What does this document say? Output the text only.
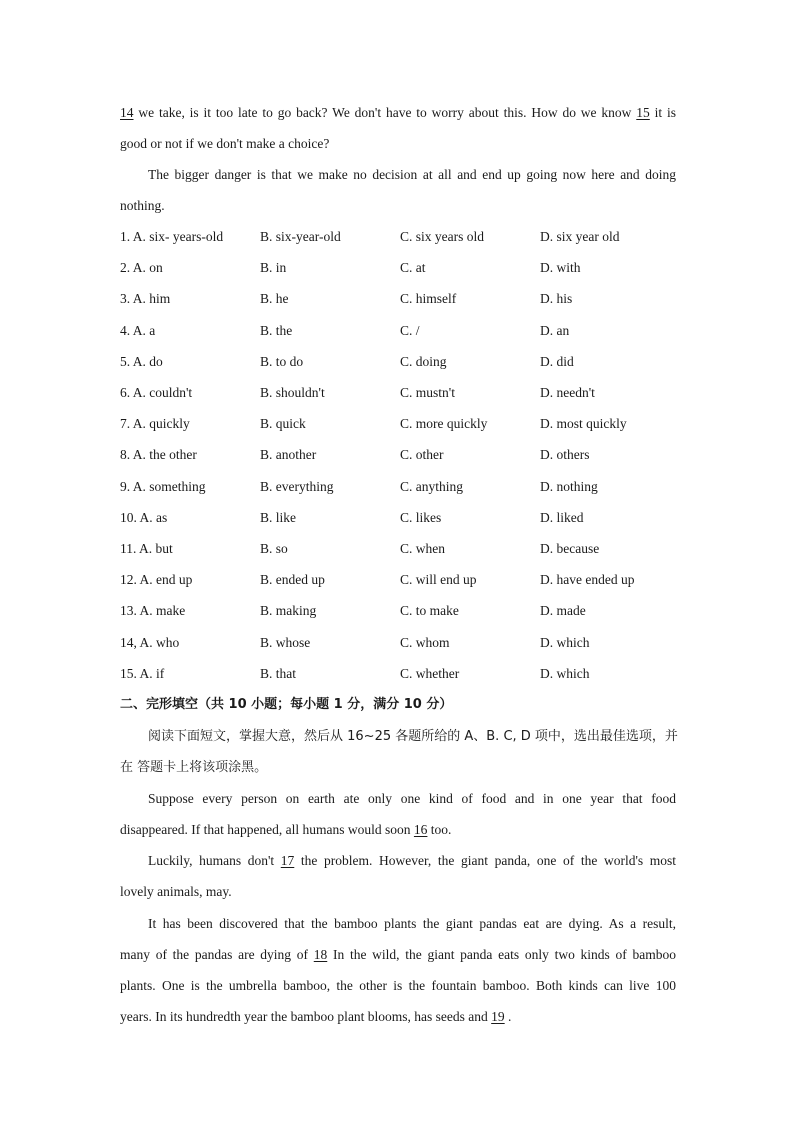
14 we take, is it too late to go back? We don't have to worry about this. How do we know 15 it is
good or not if we don't make a choice?
The bigger danger is that we make no decision at all and end up going now here and doing
nothing.
1. A. six- years-old	B. six-year-old	C. six years old	D. six year old
2. A. on	B. in	C. at	D. with
3. A. him	B. he	C. himself	D. his
4. A. a	B. the	C. /	D. an
5. A. do	B. to do	C. doing	D. did
6. A. couldn't	B. shouldn't	C. mustn't	D. needn't
7. A. quickly	B. quick	C. more quickly	D. most quickly
8. A. the other	B. another	C. other	D. others
9. A. something	B. everything	C. anything	D. nothing
10. A. as	B. like	C. likes	D. liked
11. A. but	B. so	C. when	D. because
12. A. end up	B. ended up	C. will end up	D. have ended up
13. A. make	B. making	C. to make	D. made
14, A. who	B. whose	C. whom	D. which
15. A. if	B. that	C. whether	D. which
二、完形填空（共 10 小题；每小题 1 分，满分 10 分）
阅读下面短文，掌握大意，然后从 16~25 各题所给的 A、B. C, D 项中，选出最佳选项，并
在 答题卡上将该项涂黑。
Suppose every person on earth ate only one kind of food and in one year that food
disappeared. If that happened, all humans would soon 16 too.
Luckily, humans don't 17 the problem. However, the giant panda, one of the world's most
lovely animals, may.
It has been discovered that the bamboo plants the giant pandas eat are dying. As a result,
many of the pandas are dying of 18 In the wild, the giant panda eats only two kinds of bamboo
plants. One is the umbrella bamboo, the other is the fountain bamboo. Both kinds can live 100
years. In its hundredth year the bamboo plant blooms, has seeds and 19 .
